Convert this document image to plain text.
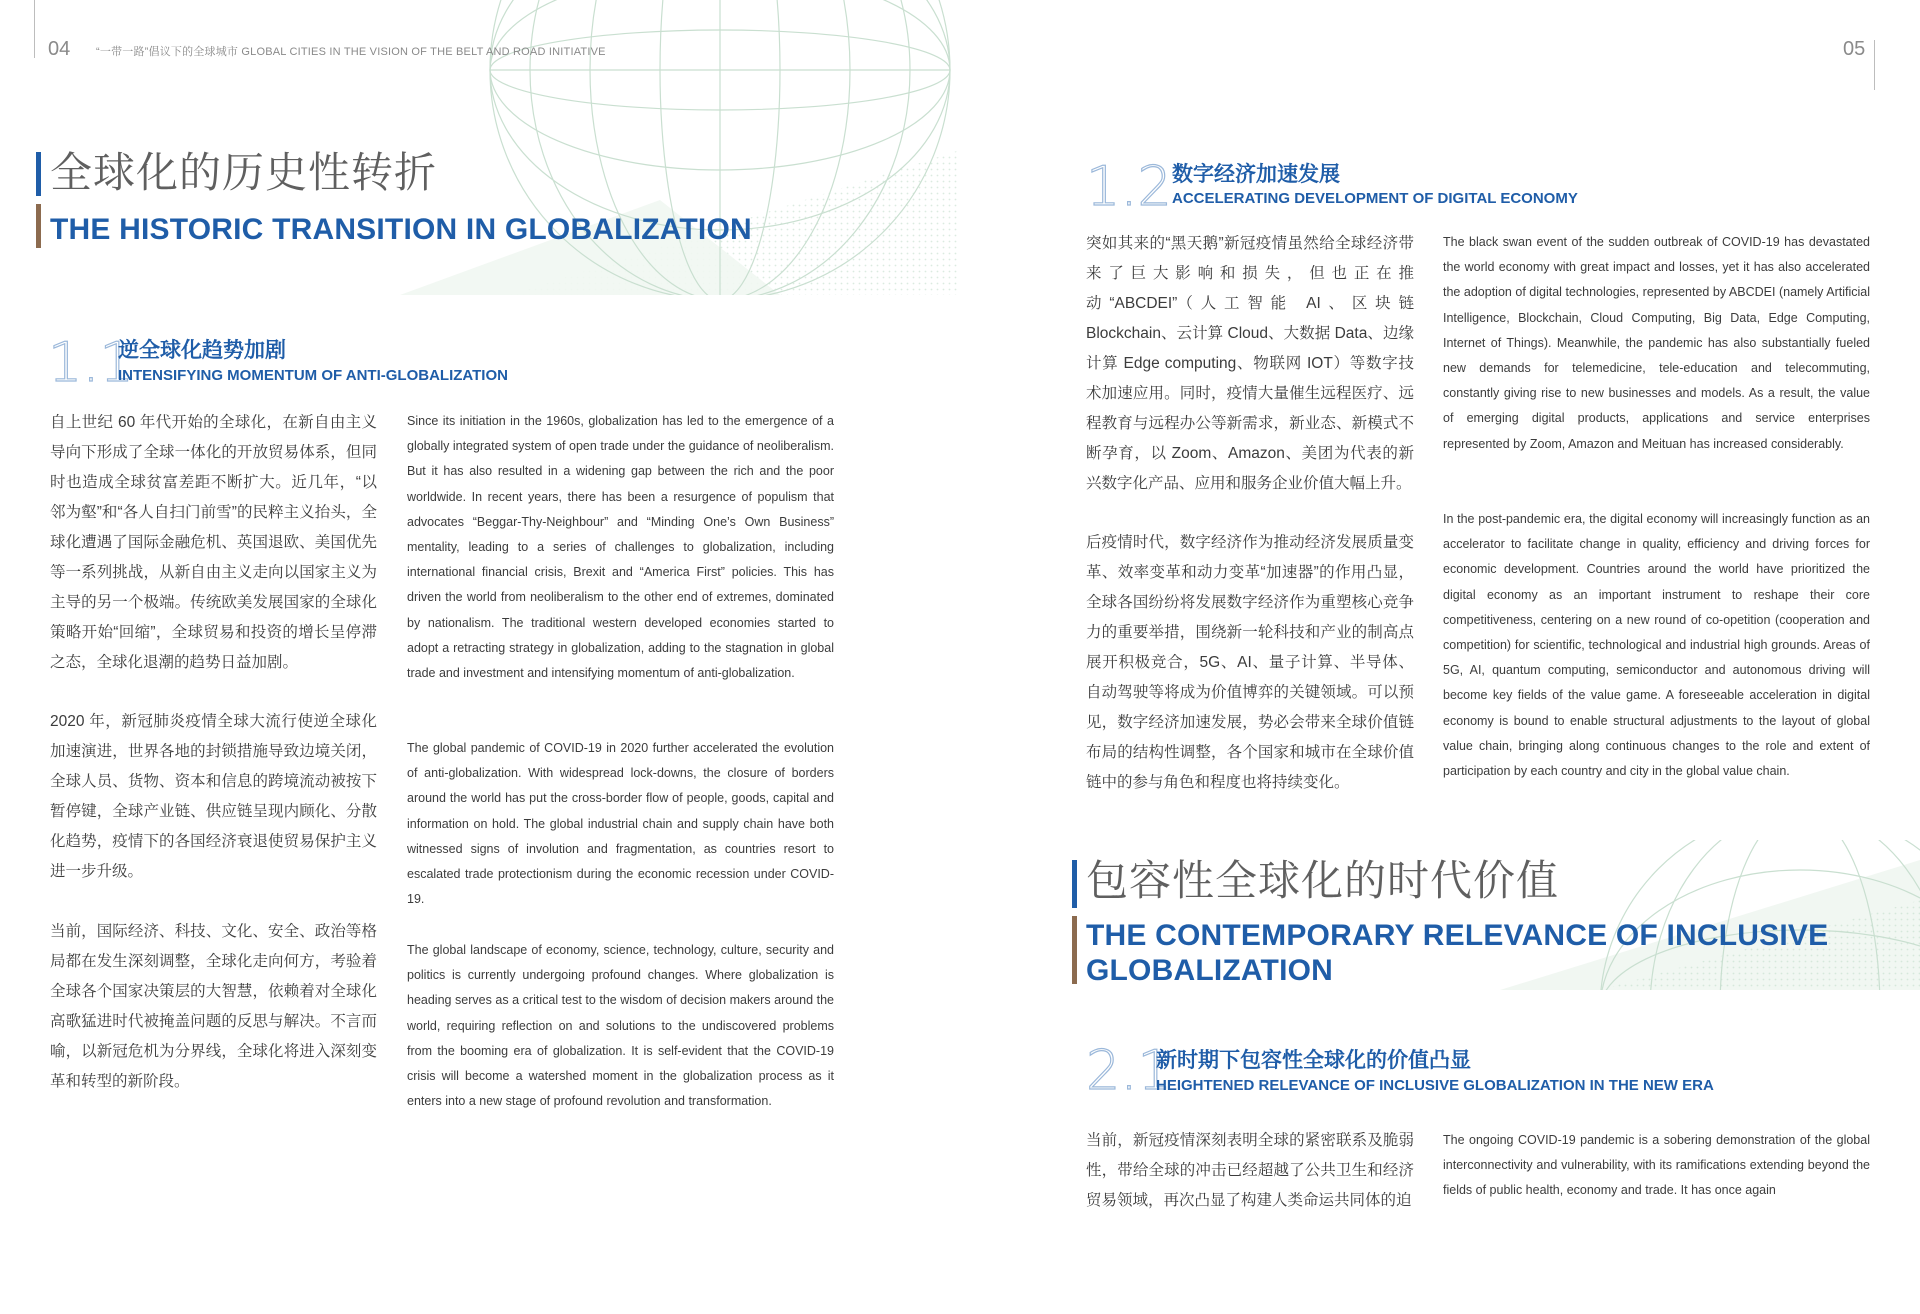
04 “一带一路”倡议下的全球城市 GLOBAL CITIES IN THE VISION OF THE BELT AND ROAD INITIATIVE	05
全球化的历史性转折
THE HISTORIC TRANSITION IN GLOBALIZATION
1.1
逆全球化趋势加剧
INTENSIFYING MOMENTUM OF ANTI-GLOBALIZATION

自上世纪 60 年代开始的全球化，在新自由主义导向下形成了全球一体化的开放贸易体系，但同时也造成全球贫富差距不断扩大。近几年，“以邻为壑”和“各人自扫门前雪”的民粹主义抬头，全球化遭遇了国际金融危机、英国退欧、美国优先等一系列挑战，从新自由主义走向以国家主义为主导的另一个极端。传统欧美发展国家的全球化策略开始“回缩”，全球贸易和投资的增长呈停滞之态，全球化退潮的趋势日益加剧。

2020 年，新冠肺炎疫情全球大流行使逆全球化加速演进，世界各地的封锁措施导致边境关闭，全球人员、货物、资本和信息的跨境流动被按下暂停键，全球产业链、供应链呈现内顾化、分散化趋势，疫情下的各国经济衰退使贸易保护主义进一步升级。

当前，国际经济、科技、文化、安全、政治等格局都在发生深刻调整，全球化走向何方，考验着全球各个国家决策层的大智慧，依赖着对全球化高歌猛进时代被掩盖问题的反思与解决。不言而喻，以新冠危机为分界线，全球化将进入深刻变革和转型的新阶段。

Since its initiation in the 1960s, globalization has led to the emergence of a globally integrated system of open trade under the guidance of neoliberalism. But it has also resulted in a widening gap between the rich and the poor worldwide. In recent years, there has been a resurgence of populism that advocates “Beggar-Thy-Neighbour” and “Minding One’s Own Business” mentality, leading to a series of challenges to globalization, including international financial crisis, Brexit and “America First” policies. This has driven the world from neoliberalism to the other end of extremes, dominated by nationalism. The traditional western developed economies started to adopt a retracting strategy in globalization, adding to the stagnation in global trade and investment and intensifying momentum of anti-globalization.

The global pandemic of COVID-19 in 2020 further accelerated the evolution of anti-globalization. With widespread lock-downs, the closure of borders around the world has put the cross-border flow of people, goods, capital and information on hold. The global industrial chain and supply chain have both witnessed signs of involution and fragmentation, as countries resort to escalated trade protectionism during the economic recession under COVID-19.

The global landscape of economy, science, technology, culture, security and politics is currently undergoing profound changes. Where globalization is heading serves as a critical test to the wisdom of decision makers around the world, requiring reflection on and solutions to the undiscovered problems from the booming era of globalization. It is self-evident that the COVID-19 crisis will become a watershed moment in the globalization process as it enters into a new stage of profound revolution and transformation.

1.2 数字经济加速发展
ACCELERATING DEVELOPMENT OF DIGITAL ECONOMY

突如其来的“黑天鹅”新冠疫情虽然给全球经济带来了巨大影响和损失，但也正在推动“ABCDEI”（人工智能 AI、区块链 Blockchain、云计算 Cloud、大数据 Data、边缘计算 Edge computing、物联网 IOT）等数字技术加速应用。同时，疫情大量催生远程医疗、远程教育与远程办公等新需求，新业态、新模式不断孕育，以 Zoom、Amazon、美团为代表的新兴数字化产品、应用和服务企业价值大幅上升。

后疫情时代，数字经济作为推动经济发展质量变革、效率变革和动力变革“加速器”的作用凸显，全球各国纷纷将发展数字经济作为重塑核心竞争力的重要举措，围绕新一轮科技和产业的制高点展开积极竞合，5G、AI、量子计算、半导体、自动驾驶等将成为价值博弈的关键领域。可以预见，数字经济加速发展，势必会带来全球价值链布局的结构性调整，各个国家和城市在全球价值链中的参与角色和程度也将持续变化。

The black swan event of the sudden outbreak of COVID-19 has devastated the world economy with great impact and losses, yet it has also accelerated the adoption of digital technologies, represented by ABCDEI (namely Artificial Intelligence, Blockchain, Cloud Computing, Big Data, Edge Computing, Internet of Things). Meanwhile, the pandemic has also substantially fueled new demands for telemedicine, tele-education and telecommuting, constantly giving rise to new businesses and models. As a result, the value of emerging digital products, applications and service enterprises represented by Zoom, Amazon and Meituan has increased considerably.

In the post-pandemic era, the digital economy will increasingly function as an accelerator to facilitate change in quality, efficiency and driving forces for economic development. Countries around the world have prioritized the digital economy as an important instrument to reshape their core competitiveness, centering on a new round of co-opetition (cooperation and competition) for scientific, technological and industrial high grounds. Areas of 5G, AI, quantum computing, semiconductor and autonomous driving will become key fields of the value game. A foreseeable acceleration in digital economy is bound to enable structural adjustments to the layout of global value chain, bringing along continuous changes to the role and extent of participation by each country and city in the global value chain.

包容性全球化的时代价值
THE CONTEMPORARY RELEVANCE OF INCLUSIVE
GLOBALIZATION
2.1
新时期下包容性全球化的价值凸显
HEIGHTENED RELEVANCE OF INCLUSIVE GLOBALIZATION IN THE NEW ERA

当前，新冠疫情深刻表明全球的紧密联系及脆弱性，带给全球的冲击已经超越了公共卫生和经济贸易领域，再次凸显了构建人类命运共同体的迫

The ongoing COVID-19 pandemic is a sobering demonstration of the global interconnectivity and vulnerability, with its ramifications extending beyond the fields of public health, economy and trade. It has once again
